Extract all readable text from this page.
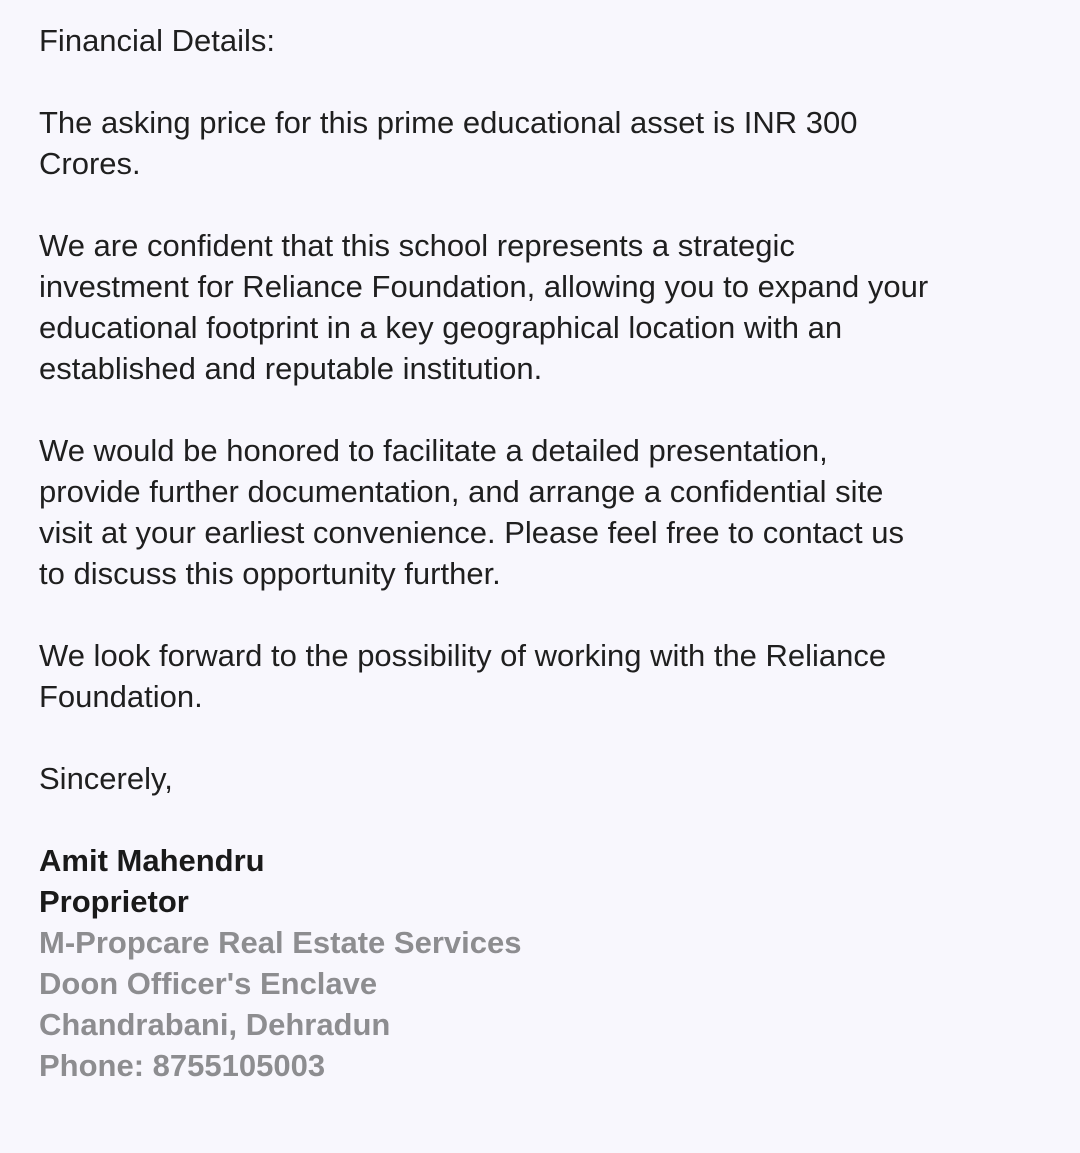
Financial Details:
The asking price for this prime educational asset is INR 300
Crores.
We are confident that this school represents a strategic
investment for Reliance Foundation, allowing you to expand your
educational footprint in a key geographical location with an
established and reputable institution.
We would be honored to facilitate a detailed presentation,
provide further documentation, and arrange a confidential site
visit at your earliest convenience. Please feel free to contact us
to discuss this opportunity further.
We look forward to the possibility of working with the Reliance
Foundation.
Sincerely,
Amit Mahendru
Proprietor
M-Propcare Real Estate Services
Doon Officer's Enclave
Chandrabani, Dehradun
Phone: 8755105003
